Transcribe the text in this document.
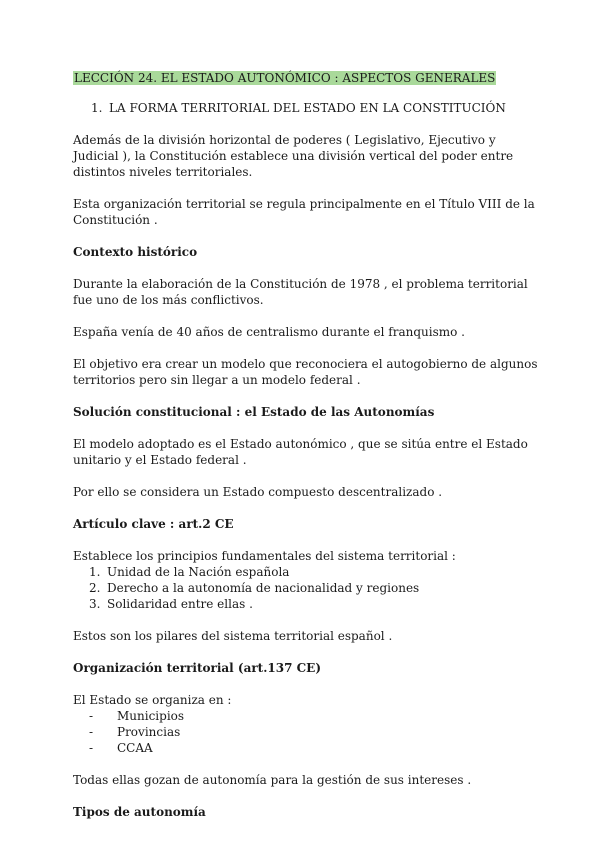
LECCIÓN 24. EL ESTADO AUTONÓMICO : ASPECTOS GENERALES
1. LA FORMA TERRITORIAL DEL ESTADO EN LA CONSTITUCIÓN

Además de la división horizontal de poderes ( Legislativo, Ejecutivo y Judicial ), la Constitución establece una división vertical del poder entre distintos niveles territoriales.

Esta organización territorial se regula principalmente en el Título VIII de la Constitución .

Contexto histórico

Durante la elaboración de la Constitución de 1978 , el problema territorial fue uno de los más conflictivos.

España venía de 40 años de centralismo durante el franquismo .

El objetivo era crear un modelo que reconociera el autogobierno de algunos territorios pero sin llegar a un modelo federal .

Solución constitucional : el Estado de las Autonomías

El modelo adoptado es el Estado autonómico , que se sitúa entre el Estado unitario y el Estado federal .

Por ello se considera un Estado compuesto descentralizado .

Artículo clave : art.2 CE

Establece los principios fundamentales del sistema territorial :

1. Unidad de la Nación española
2. Derecho a la autonomía de nacionalidad y regiones
3. Solidaridad entre ellas .

Estos son los pilares del sistema territorial español .

Organización territorial (art.137 CE)

El Estado se organiza en :

-	Municipios
-	Provincias
-	CCAA

Todas ellas gozan de autonomía para la gestión de sus intereses .

Tipos de autonomía
